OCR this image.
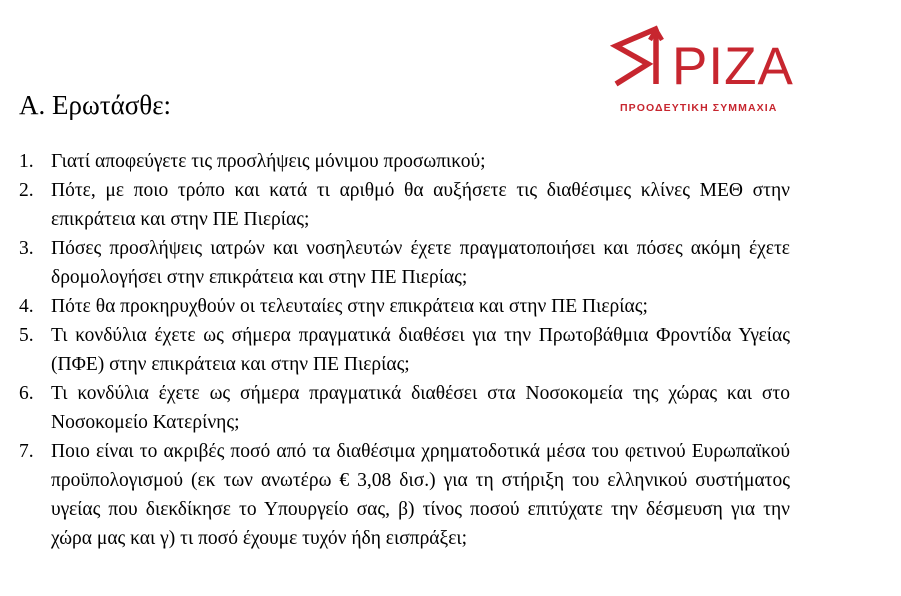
ΡΙΖΑ
ΠΡΟΟΔΕΥΤΙΚΗ ΣΥΜΜΑΧΙΑ
Α. Ερωτάσθε:
1. Γιατί αποφεύγετε τις προσλήψεις μόνιμου προσωπικού;
2. Πότε, με ποιο τρόπο και κατά τι αριθμό θα αυξήσετε τις διαθέσιμες κλίνες ΜΕΘ στην επικράτεια και στην ΠΕ Πιερίας;
3. Πόσες προσλήψεις ιατρών και νοσηλευτών έχετε πραγματοποιήσει και πόσες ακόμη έχετε δρομολογήσει στην επικράτεια και στην ΠΕ Πιερίας;
4. Πότε θα προκηρυχθούν οι τελευταίες στην επικράτεια και στην ΠΕ Πιερίας;
5. Τι κονδύλια έχετε ως σήμερα πραγματικά διαθέσει για την Πρωτοβάθμια Φροντίδα Υγείας (ΠΦΕ) στην επικράτεια και στην ΠΕ Πιερίας;
6. Τι κονδύλια έχετε ως σήμερα πραγματικά διαθέσει στα Νοσοκομεία της χώρας και στο Νοσοκομείο Κατερίνης;
7. Ποιο είναι το ακριβές ποσό από τα διαθέσιμα χρηματοδοτικά μέσα του φετινού Ευρωπαϊκού προϋπολογισμού (εκ των ανωτέρω € 3,08 δισ.) για τη στήριξη του ελληνικού συστήματος υγείας που διεκδίκησε το Υπουργείο σας, β) τίνος ποσού επιτύχατε την δέσμευση για την χώρα μας και γ) τι ποσό έχουμε τυχόν ήδη εισπράξει;
